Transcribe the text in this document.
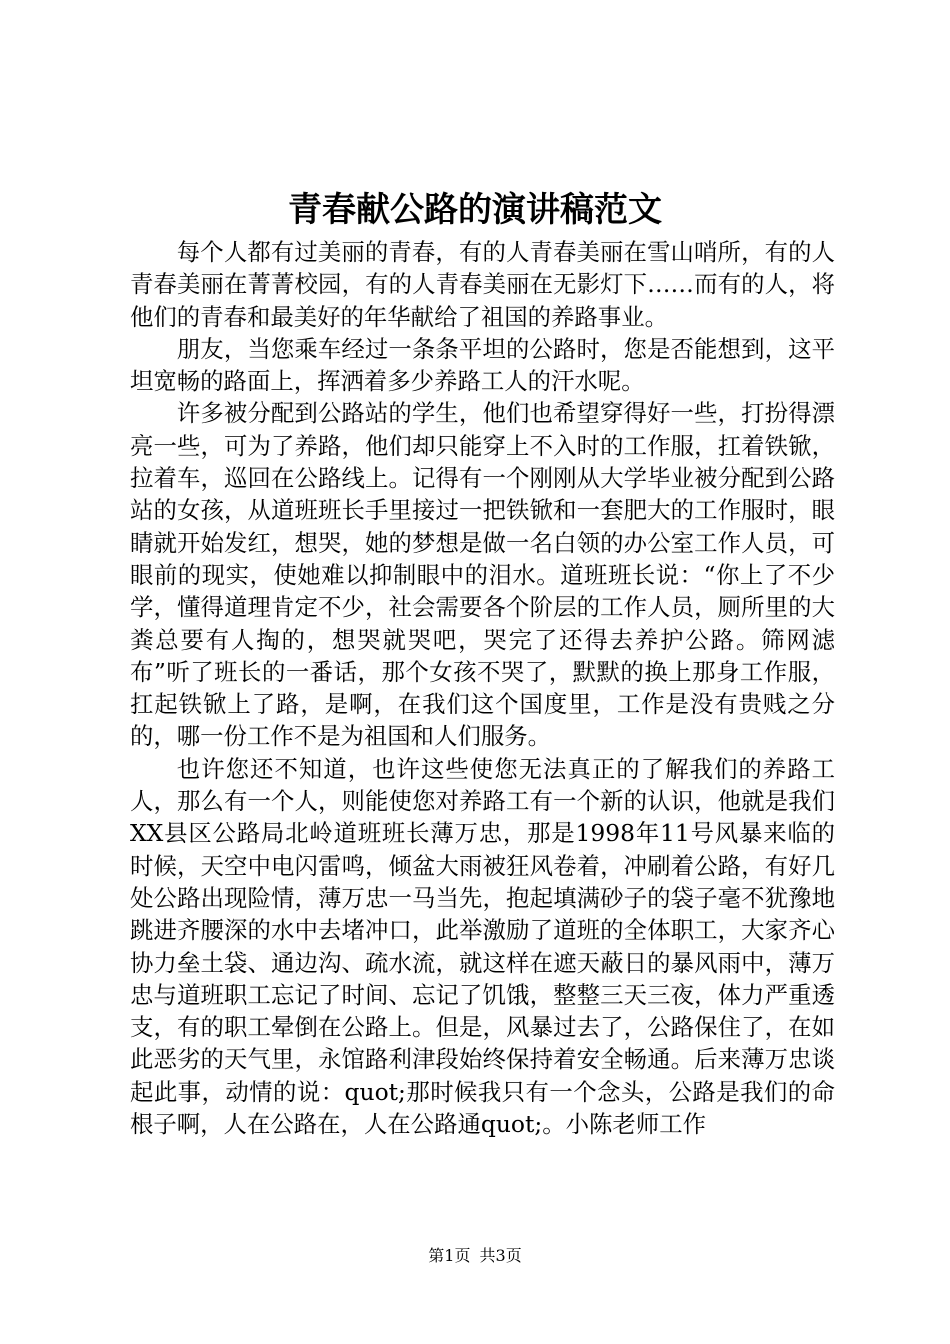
青春献公路的演讲稿范文

每个人都有过美丽的青春，有的人青春美丽在雪山哨所，有的人青春美丽在菁菁校园，有的人青春美丽在无影灯下……而有的人，将他们的青春和最美好的年华献给了祖国的养路事业。

朋友，当您乘车经过一条条平坦的公路时，您是否能想到，这平坦宽畅的路面上，挥洒着多少养路工人的汗水呢。

许多被分配到公路站的学生，他们也希望穿得好一些，打扮得漂亮一些，可为了养路，他们却只能穿上不入时的工作服，扛着铁锨，拉着车，巡回在公路线上。记得有一个刚刚从大学毕业被分配到公路站的女孩，从道班班长手里接过一把铁锨和一套肥大的工作服时，眼睛就开始发红，想哭，她的梦想是做一名白领的办公室工作人员，可眼前的现实，使她难以抑制眼中的泪水。道班班长说：“你上了不少学，懂得道理肯定不少，社会需要各个阶层的工作人员，厕所里的大粪总要有人掏的，想哭就哭吧，哭完了还得去养护公路。筛网滤布”听了班长的一番话，那个女孩不哭了，默默的换上那身工作服，扛起铁锨上了路，是啊，在我们这个国度里，工作是没有贵贱之分的，哪一份工作不是为祖国和人们服务。

也许您还不知道，也许这些使您无法真正的了解我们的养路工人，那么有一个人，则能使您对养路工有一个新的认识，他就是我们XX县区公路局北岭道班班长薄万忠，那是1998年11号风暴来临的时候，天空中电闪雷鸣，倾盆大雨被狂风卷着，冲刷着公路，有好几处公路出现险情，薄万忠一马当先，抱起填满砂子的袋子毫不犹豫地跳进齐腰深的水中去堵冲口，此举激励了道班的全体职工，大家齐心协力垒土袋、通边沟、疏水流，就这样在遮天蔽日的暴风雨中，薄万忠与道班职工忘记了时间、忘记了饥饿，整整三天三夜，体力严重透支，有的职工晕倒在公路上。但是，风暴过去了，公路保住了，在如此恶劣的天气里，永馆路利津段始终保持着安全畅通。后来薄万忠谈起此事，动情的说：quot;那时候我只有一个念头，公路是我们的命根子啊，人在公路在，人在公路通quot;。小陈老师工作

第1页 共3页
